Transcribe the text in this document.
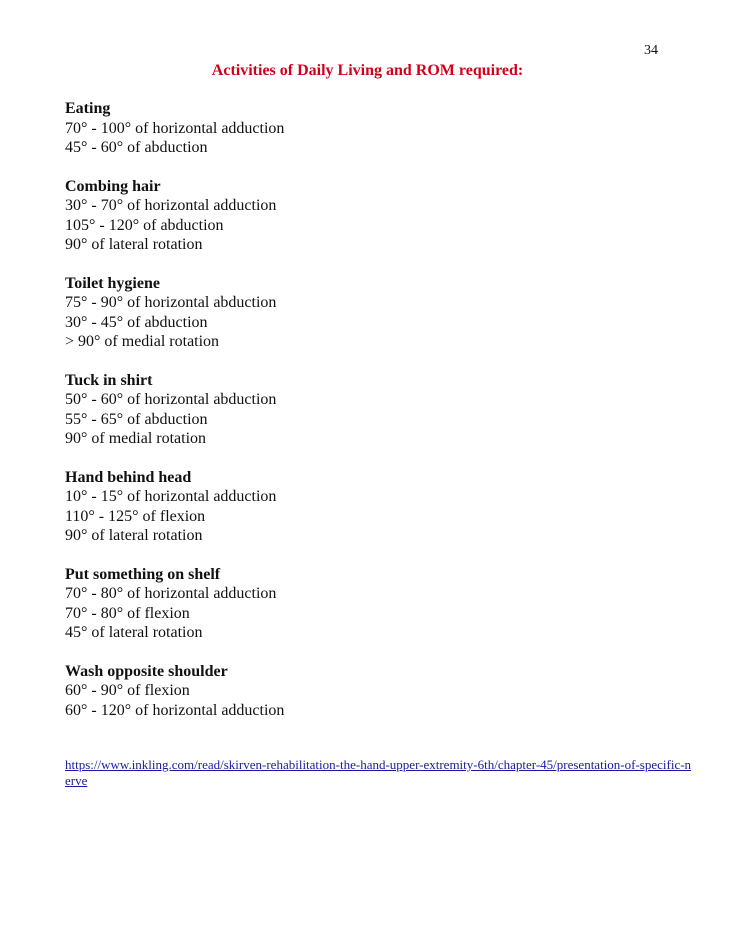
34
Activities of Daily Living and ROM required:
Eating
70° - 100° of horizontal adduction
45° - 60° of abduction
Combing hair
30° - 70° of horizontal adduction
105° - 120° of abduction
90° of lateral rotation
Toilet hygiene
75° - 90° of horizontal abduction
30° - 45° of abduction
> 90° of medial rotation
Tuck in shirt
50° - 60° of horizontal abduction
55° - 65° of abduction
90° of medial rotation
Hand behind head
10° - 15° of horizontal adduction
110° - 125° of flexion
90° of lateral rotation
Put something on shelf
70° - 80° of horizontal adduction
70° - 80° of flexion
45° of lateral rotation
Wash opposite shoulder
60° - 90° of flexion
60° - 120° of horizontal adduction
https://www.inkling.com/read/skirven-rehabilitation-the-hand-upper-extremity-6th/chapter-45/presentation-of-specific-nerve
